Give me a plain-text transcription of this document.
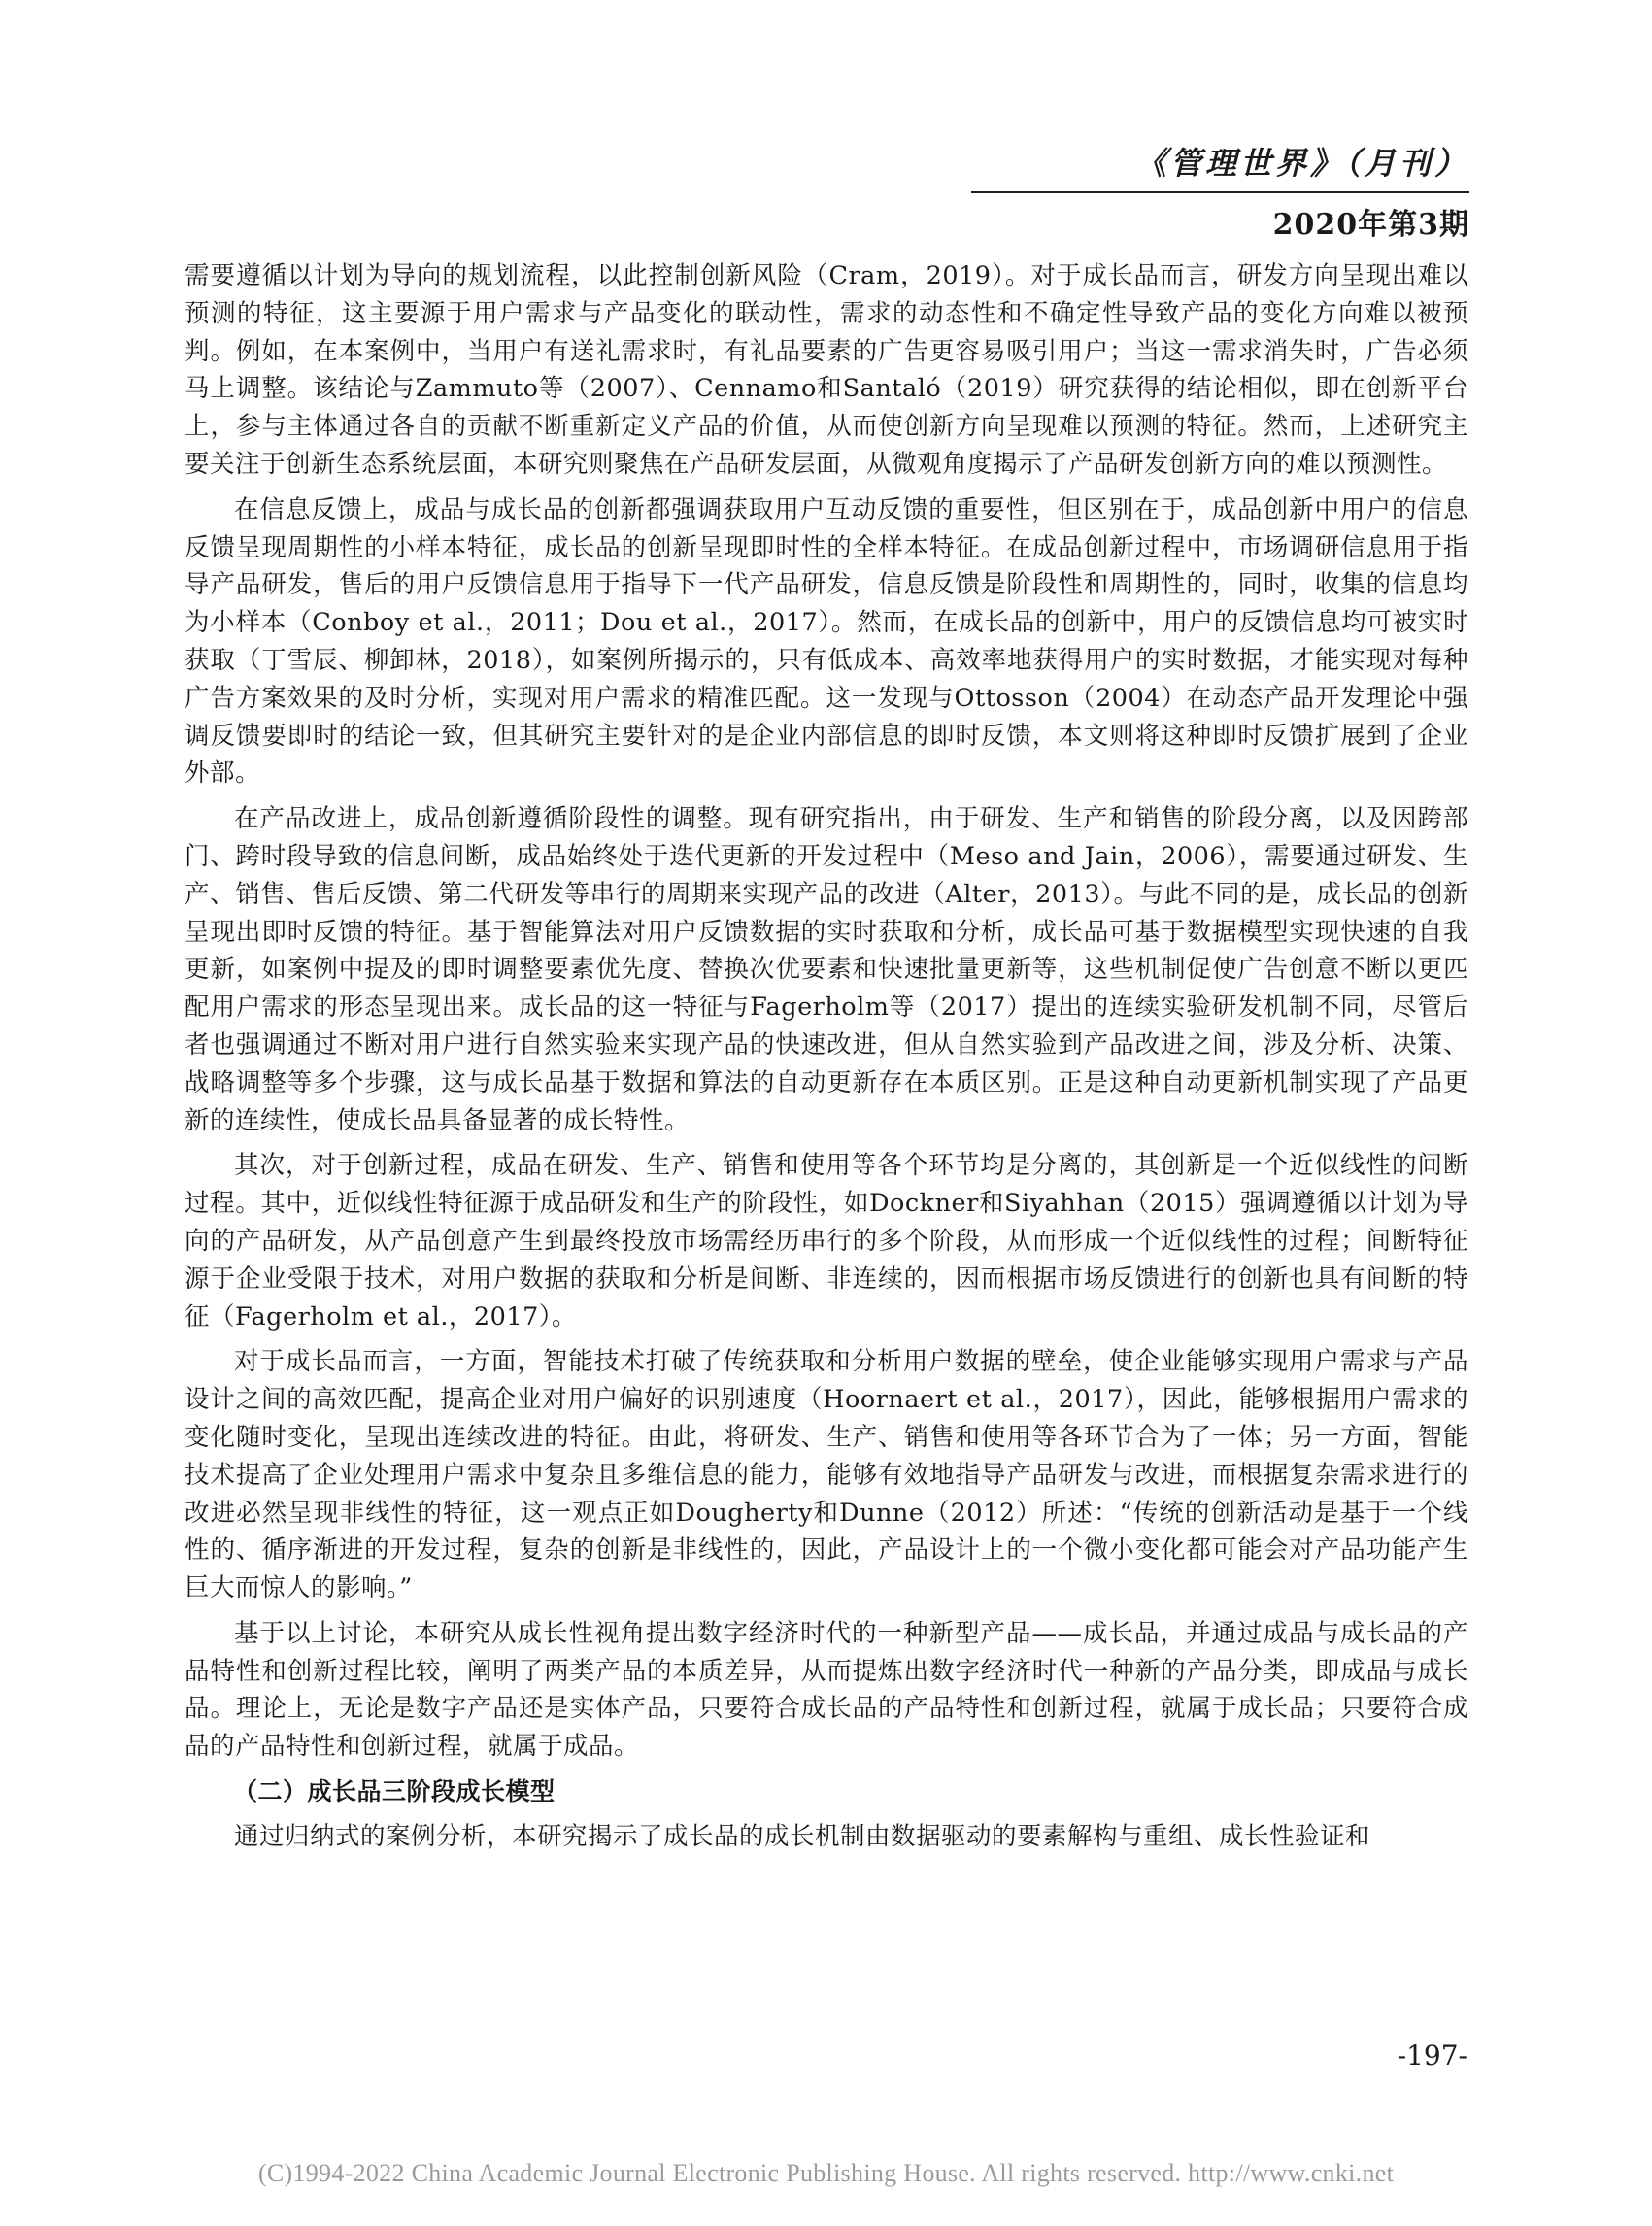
《管理世界》（月刊）
2020年第3期

需要遵循以计划为导向的规划流程，以此控制创新风险（Cram，2019）。对于成长品而言，研发方向呈现出难以预测的特征，这主要源于用户需求与产品变化的联动性，需求的动态性和不确定性导致产品的变化方向难以被预判。例如，在本案例中，当用户有送礼需求时，有礼品要素的广告更容易吸引用户；当这一需求消失时，广告必须马上调整。该结论与Zammuto等（2007）、Cennamo和Santaló（2019）研究获得的结论相似，即在创新平台上，参与主体通过各自的贡献不断重新定义产品的价值，从而使创新方向呈现难以预测的特征。然而，上述研究主要关注于创新生态系统层面，本研究则聚焦在产品研发层面，从微观角度揭示了产品研发创新方向的难以预测性。

在信息反馈上，成品与成长品的创新都强调获取用户互动反馈的重要性，但区别在于，成品创新中用户的信息反馈呈现周期性的小样本特征，成长品的创新呈现即时性的全样本特征。在成品创新过程中，市场调研信息用于指导产品研发，售后的用户反馈信息用于指导下一代产品研发，信息反馈是阶段性和周期性的，同时，收集的信息均为小样本（Conboy et al.，2011；Dou et al.，2017）。然而，在成长品的创新中，用户的反馈信息均可被实时获取（丁雪辰、柳卸林，2018），如案例所揭示的，只有低成本、高效率地获得用户的实时数据，才能实现对每种广告方案效果的及时分析，实现对用户需求的精准匹配。这一发现与Ottosson（2004）在动态产品开发理论中强调反馈要即时的结论一致，但其研究主要针对的是企业内部信息的即时反馈，本文则将这种即时反馈扩展到了企业外部。

在产品改进上，成品创新遵循阶段性的调整。现有研究指出，由于研发、生产和销售的阶段分离，以及因跨部门、跨时段导致的信息间断，成品始终处于迭代更新的开发过程中（Meso and Jain，2006），需要通过研发、生产、销售、售后反馈、第二代研发等串行的周期来实现产品的改进（Alter，2013）。与此不同的是，成长品的创新呈现出即时反馈的特征。基于智能算法对用户反馈数据的实时获取和分析，成长品可基于数据模型实现快速的自我更新，如案例中提及的即时调整要素优先度、替换次优要素和快速批量更新等，这些机制促使广告创意不断以更匹配用户需求的形态呈现出来。成长品的这一特征与Fagerholm等（2017）提出的连续实验研发机制不同，尽管后者也强调通过不断对用户进行自然实验来实现产品的快速改进，但从自然实验到产品改进之间，涉及分析、决策、战略调整等多个步骤，这与成长品基于数据和算法的自动更新存在本质区别。正是这种自动更新机制实现了产品更新的连续性，使成长品具备显著的成长特性。

其次，对于创新过程，成品在研发、生产、销售和使用等各个环节均是分离的，其创新是一个近似线性的间断过程。其中，近似线性特征源于成品研发和生产的阶段性，如Dockner和Siyahhan（2015）强调遵循以计划为导向的产品研发，从产品创意产生到最终投放市场需经历串行的多个阶段，从而形成一个近似线性的过程；间断特征源于企业受限于技术，对用户数据的获取和分析是间断、非连续的，因而根据市场反馈进行的创新也具有间断的特征（Fagerholm et al.，2017）。

对于成长品而言，一方面，智能技术打破了传统获取和分析用户数据的壁垒，使企业能够实现用户需求与产品设计之间的高效匹配，提高企业对用户偏好的识别速度（Hoornaert et al.，2017），因此，能够根据用户需求的变化随时变化，呈现出连续改进的特征。由此，将研发、生产、销售和使用等各环节合为了一体；另一方面，智能技术提高了企业处理用户需求中复杂且多维信息的能力，能够有效地指导产品研发与改进，而根据复杂需求进行的改进必然呈现非线性的特征，这一观点正如Dougherty和Dunne（2012）所述：“传统的创新活动是基于一个线性的、循序渐进的开发过程，复杂的创新是非线性的，因此，产品设计上的一个微小变化都可能会对产品功能产生巨大而惊人的影响。”

基于以上讨论，本研究从成长性视角提出数字经济时代的一种新型产品——成长品，并通过成品与成长品的产品特性和创新过程比较，阐明了两类产品的本质差异，从而提炼出数字经济时代一种新的产品分类，即成品与成长品。理论上，无论是数字产品还是实体产品，只要符合成长品的产品特性和创新过程，就属于成长品；只要符合成品的产品特性和创新过程，就属于成品。

（二）成长品三阶段成长模型

通过归纳式的案例分析，本研究揭示了成长品的成长机制由数据驱动的要素解构与重组、成长性验证和

-197-
(C)1994-2022 China Academic Journal Electronic Publishing House. All rights reserved. http://www.cnki.net
